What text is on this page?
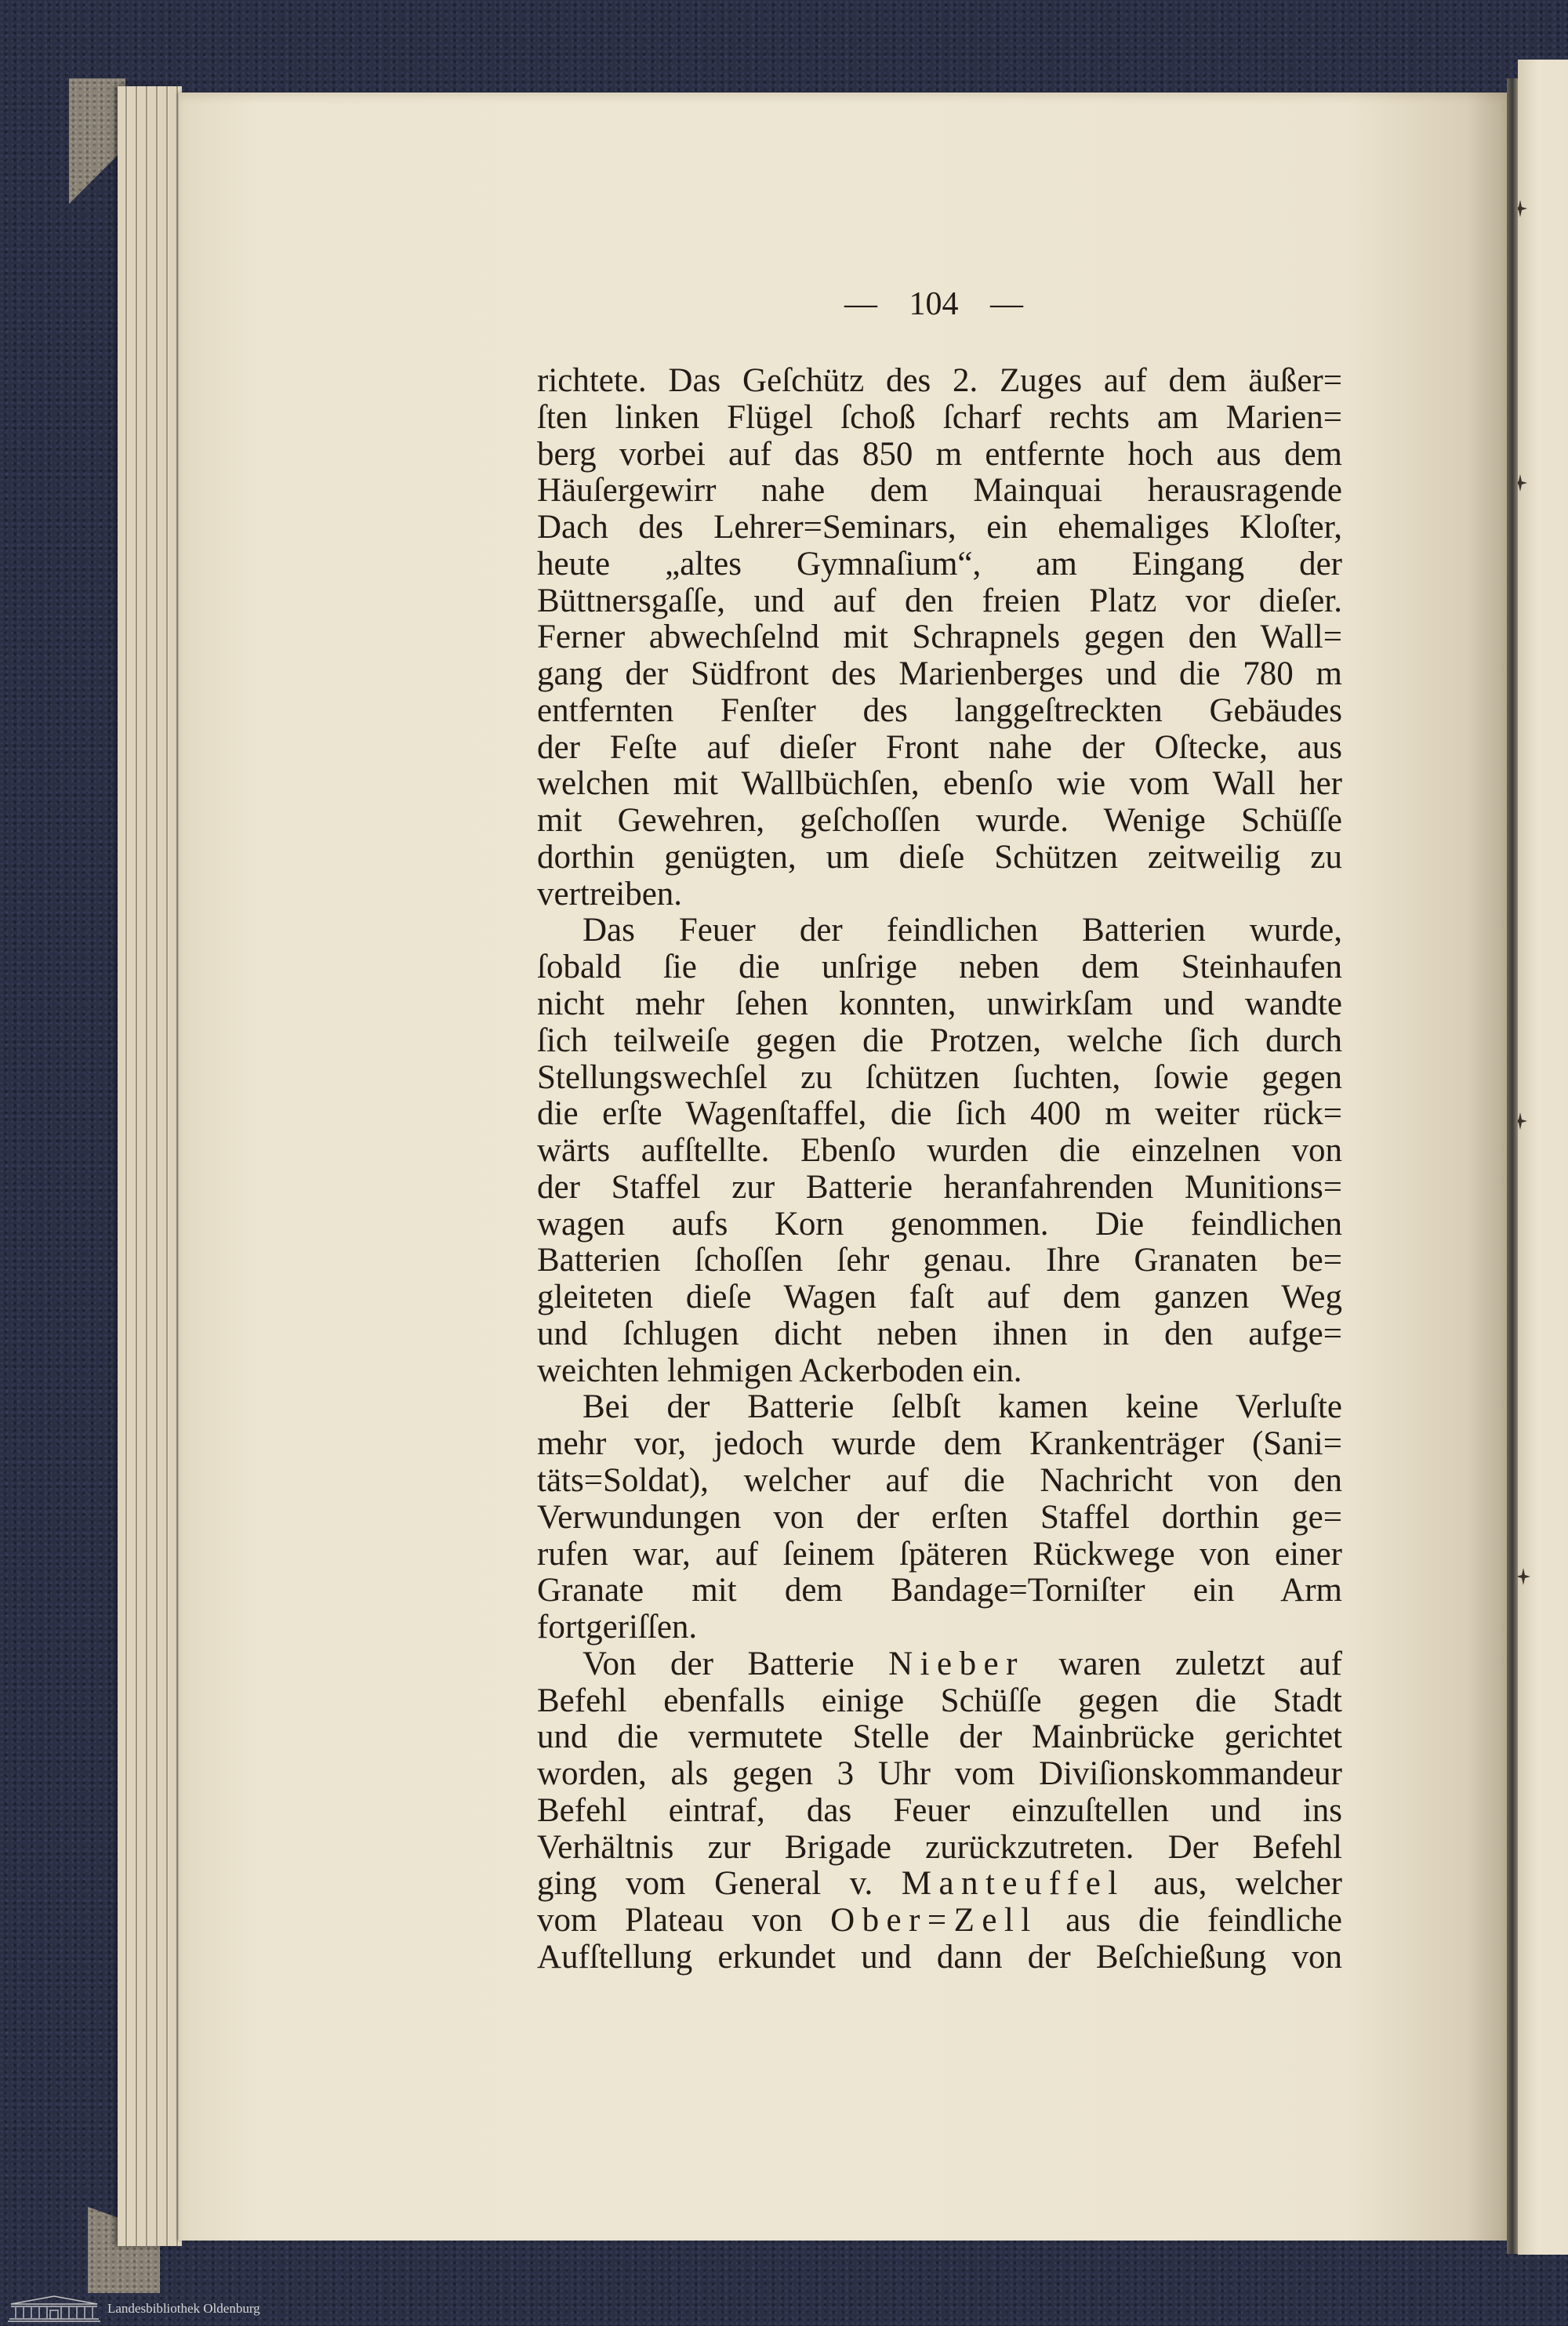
— 104 —
richtete. Das Geſchütz des 2. Zuges auf dem äußer=
ſten linken Flügel ſchoß ſcharf rechts am Marien=
berg vorbei auf das 850 m entfernte hoch aus dem
Häuſergewirr nahe dem Mainquai herausragende
Dach des Lehrer=Seminars, ein ehemaliges Kloſter,
heute „altes Gymnaſium“, am Eingang der
Büttnersgaſſe, und auf den freien Platz vor dieſer.
Ferner abwechſelnd mit Schrapnels gegen den Wall=
gang der Südfront des Marienberges und die 780 m
entfernten Fenſter des langgeſtreckten Gebäudes
der Feſte auf dieſer Front nahe der Oſtecke, aus
welchen mit Wallbüchſen, ebenſo wie vom Wall her
mit Gewehren, geſchoſſen wurde. Wenige Schüſſe
dorthin genügten, um dieſe Schützen zeitweilig zu
vertreiben.
Das Feuer der feindlichen Batterien wurde,
ſobald ſie die unſrige neben dem Steinhaufen
nicht mehr ſehen konnten, unwirkſam und wandte
ſich teilweiſe gegen die Protzen, welche ſich durch
Stellungswechſel zu ſchützen ſuchten, ſowie gegen
die erſte Wagenſtaffel, die ſich 400 m weiter rück=
wärts aufſtellte. Ebenſo wurden die einzelnen von
der Staffel zur Batterie heranfahrenden Munitions=
wagen aufs Korn genommen. Die feindlichen
Batterien ſchoſſen ſehr genau. Ihre Granaten be=
gleiteten dieſe Wagen faſt auf dem ganzen Weg
und ſchlugen dicht neben ihnen in den aufge=
weichten lehmigen Ackerboden ein.
Bei der Batterie ſelbſt kamen keine Verluſte
mehr vor, jedoch wurde dem Krankenträger (Sani=
täts=Soldat), welcher auf die Nachricht von den
Verwundungen von der erſten Staffel dorthin ge=
rufen war, auf ſeinem ſpäteren Rückwege von einer
Granate mit dem Bandage=Torniſter ein Arm
fortgeriſſen.
Von der Batterie Nieber waren zuletzt auf
Befehl ebenfalls einige Schüſſe gegen die Stadt
und die vermutete Stelle der Mainbrücke gerichtet
worden, als gegen 3 Uhr vom Diviſionskommandeur
Befehl eintraf, das Feuer einzuſtellen und ins
Verhältnis zur Brigade zurückzutreten. Der Befehl
ging vom General v. Manteuffel aus, welcher
vom Plateau von Ober=Zell aus die feindliche
Aufſtellung erkundet und dann der Beſchießung von
Landesbibliothek Oldenburg
